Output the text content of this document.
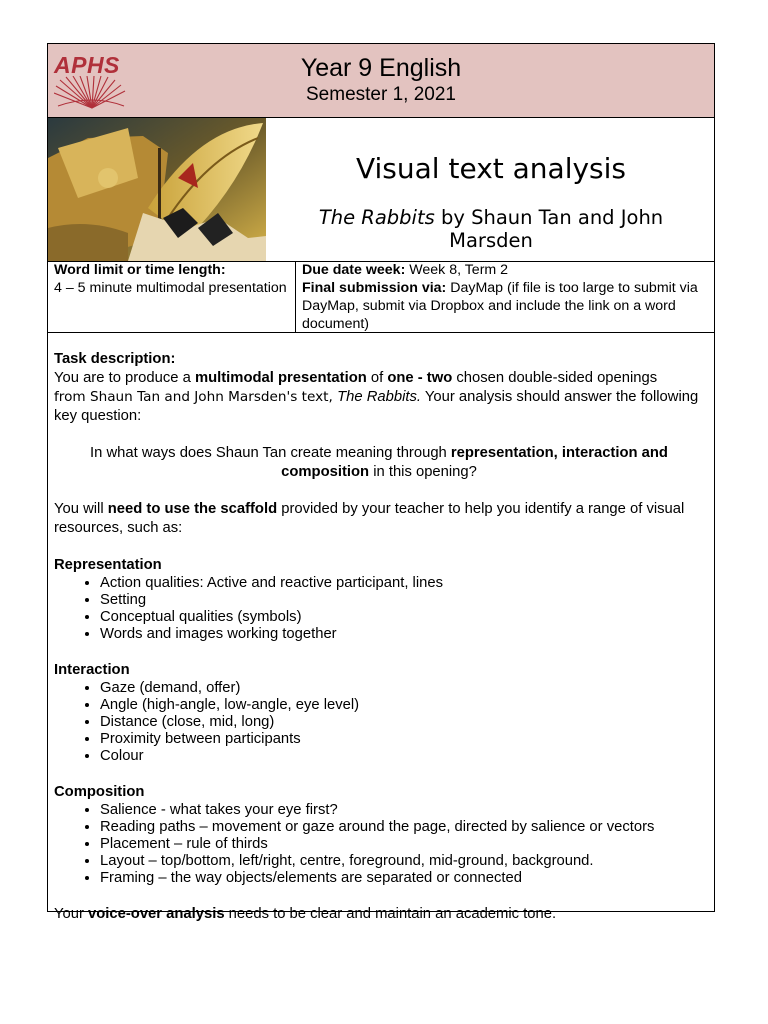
APHS	Year 9 English
Semester 1, 2021
Visual text analysis
The Rabbits by Shaun Tan and John Marsden
Word limit or time length:
4 – 5 minute multimodal presentation
Due date week: Week 8, Term 2
Final submission via: DayMap (if file is too large to submit via DayMap, submit via Dropbox and include the link on a word document)

Task description:

You are to produce a multimodal presentation of one - two chosen double-sided openings
from Shaun Tan and John Marsden's text, The Rabbits. Your analysis should answer the following key question:

In what ways does Shaun Tan create meaning through representation, interaction and composition in this opening?

You will need to use the scaffold provided by your teacher to help you identify a range of visual resources, such as:

Representation

• Action qualities: Active and reactive participant, lines
• Setting
• Conceptual qualities (symbols)
• Words and images working together

Interaction

• Gaze (demand, offer)
• Angle (high-angle, low-angle, eye level)
• Distance (close, mid, long)
• Proximity between participants
• Colour

Composition

• Salience - what takes your eye first?
• Reading paths – movement or gaze around the page, directed by salience or vectors
• Placement – rule of thirds
• Layout – top/bottom, left/right, centre, foreground, mid-ground, background.
• Framing – the way objects/elements are separated or connected

Your voice-over analysis needs to be clear and maintain an academic tone.
